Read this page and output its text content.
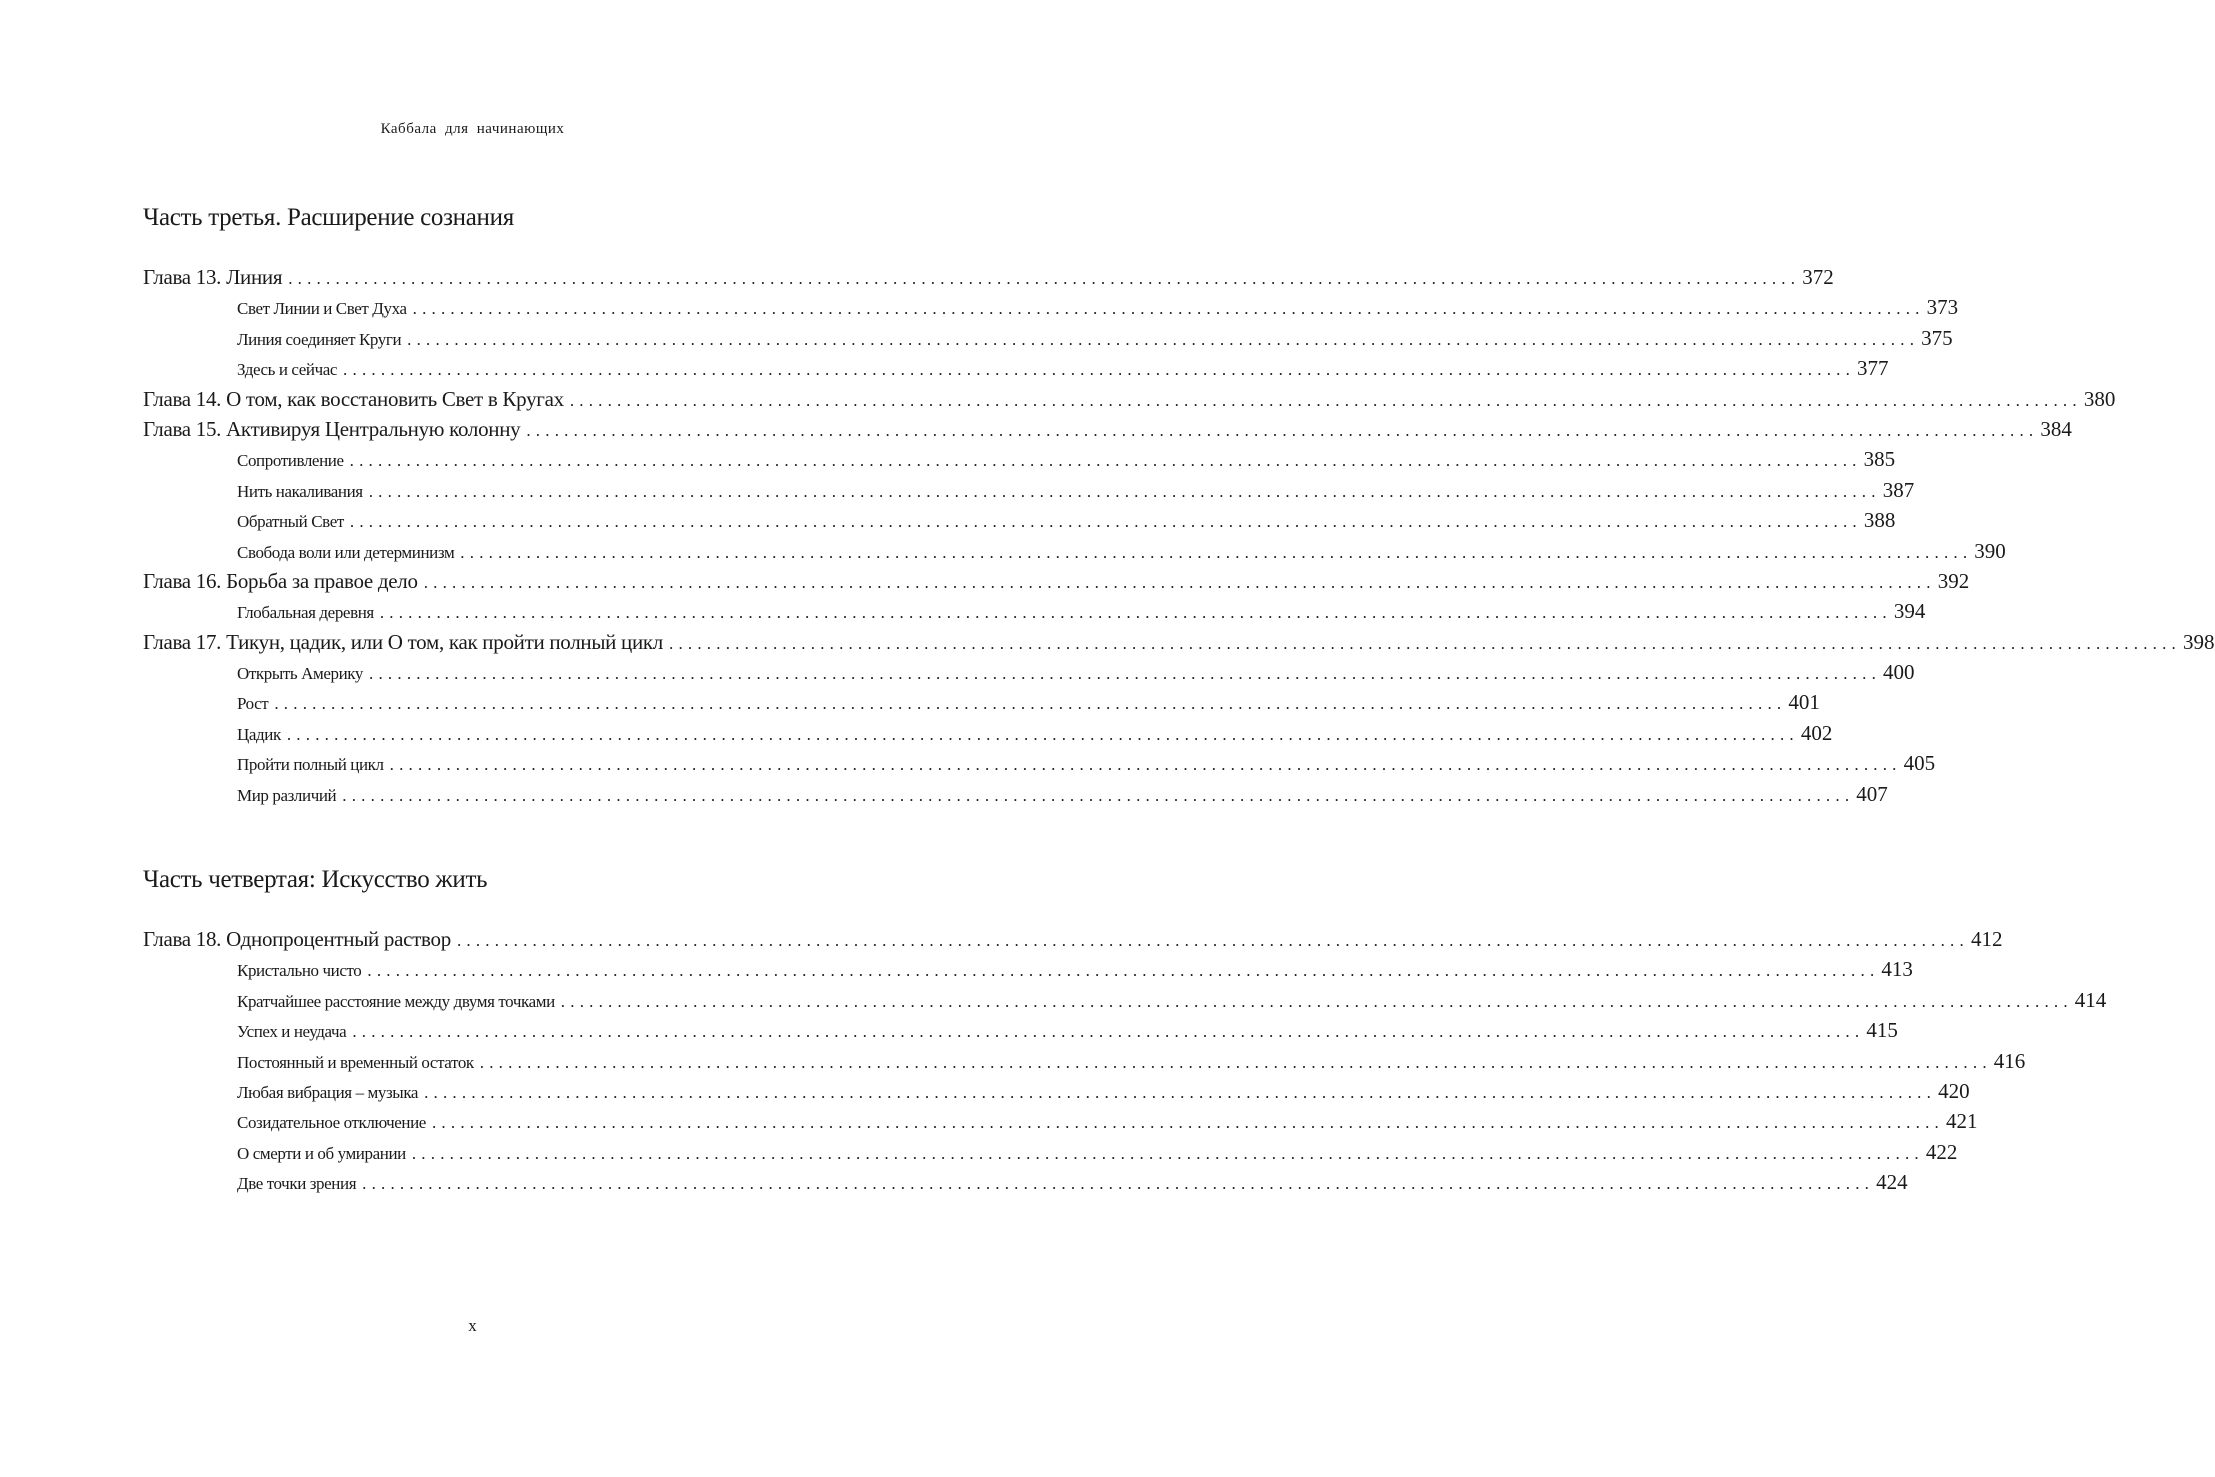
Каббала для начинающих
Часть третья. Расширение сознания
Глава 13. Линия ................................................................................................................................................................ 372
Свет Линии и Свет Духа ................................................................................................................................................................ 373
Линия соединяет Круги ................................................................................................................................................................ 375
Здесь и сейчас ................................................................................................................................................................ 377
Глава 14. О том, как восстановить Свет в Кругах ................................................................................................................................................................ 380
Глава 15. Активируя Центральную колонну ................................................................................................................................................................ 384
Сопротивление ................................................................................................................................................................ 385
Нить накаливания ................................................................................................................................................................ 387
Обратный Свет ................................................................................................................................................................ 388
Свобода воли или детерминизм ................................................................................................................................................................ 390
Глава 16. Борьба за правое дело ................................................................................................................................................................ 392
Глобальная деревня ................................................................................................................................................................ 394
Глава 17. Тикун, цадик, или О том, как пройти полный цикл ................................................................................................................................................................ 398
Открыть Америку ................................................................................................................................................................ 400
Рост ................................................................................................................................................................ 401
Цадик ................................................................................................................................................................ 402
Пройти полный цикл ................................................................................................................................................................ 405
Мир различий ................................................................................................................................................................ 407
Часть четвертая: Искусство жить
Глава 18. Однопроцентный раствор ................................................................................................................................................................ 412
Кристально чисто ................................................................................................................................................................ 413
Кратчайшее расстояние между двумя точками ................................................................................................................................................................ 414
Успех и неудача ................................................................................................................................................................ 415
Постоянный и временный остаток ................................................................................................................................................................ 416
Любая вибрация – музыка ................................................................................................................................................................ 420
Созидательное отключение ................................................................................................................................................................ 421
О смерти и об умирании ................................................................................................................................................................ 422
Две точки зрения ................................................................................................................................................................ 424
x
